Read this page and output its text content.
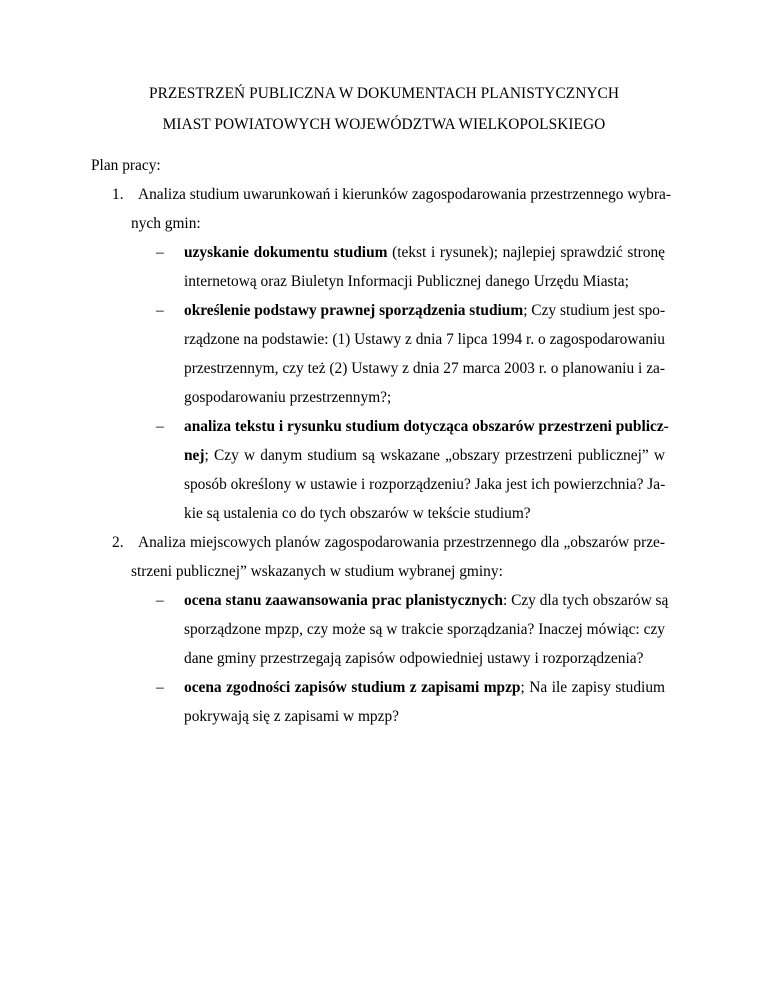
PRZESTRZEŃ PUBLICZNA W DOKUMENTACH PLANISTYCZNYCH
MIAST POWIATOWYCH WOJEWÓDZTWA WIELKOPOLSKIEGO
Plan pracy:
1. Analiza studium uwarunkowań i kierunków zagospodarowania przestrzennego wybra-
nych gmin:
– uzyskanie dokumentu studium (tekst i rysunek); najlepiej sprawdzić stronę
internetową oraz Biuletyn Informacji Publicznej danego Urzędu Miasta;
– określenie podstawy prawnej sporządzenia studium; Czy studium jest spo-
rządzone na podstawie: (1) Ustawy z dnia 7 lipca 1994 r. o zagospodarowaniu
przestrzennym, czy też (2) Ustawy z dnia 27 marca 2003 r. o planowaniu i za-
gospodarowaniu przestrzennym?;
– analiza tekstu i rysunku studium dotycząca obszarów przestrzeni publicz-
nej; Czy w danym studium są wskazane „obszary przestrzeni publicznej” w
sposób określony w ustawie i rozporządzeniu? Jaka jest ich powierzchnia? Ja-
kie są ustalenia co do tych obszarów w tekście studium?
2. Analiza miejscowych planów zagospodarowania przestrzennego dla „obszarów prze-
strzeni publicznej” wskazanych w studium wybranej gminy:
– ocena stanu zaawansowania prac planistycznych: Czy dla tych obszarów są
sporządzone mpzp, czy może są w trakcie sporządzania? Inaczej mówiąc: czy
dane gminy przestrzegają zapisów odpowiedniej ustawy i rozporządzenia?
– ocena zgodności zapisów studium z zapisami mpzp; Na ile zapisy studium
pokrywają się z zapisami w mpzp?
